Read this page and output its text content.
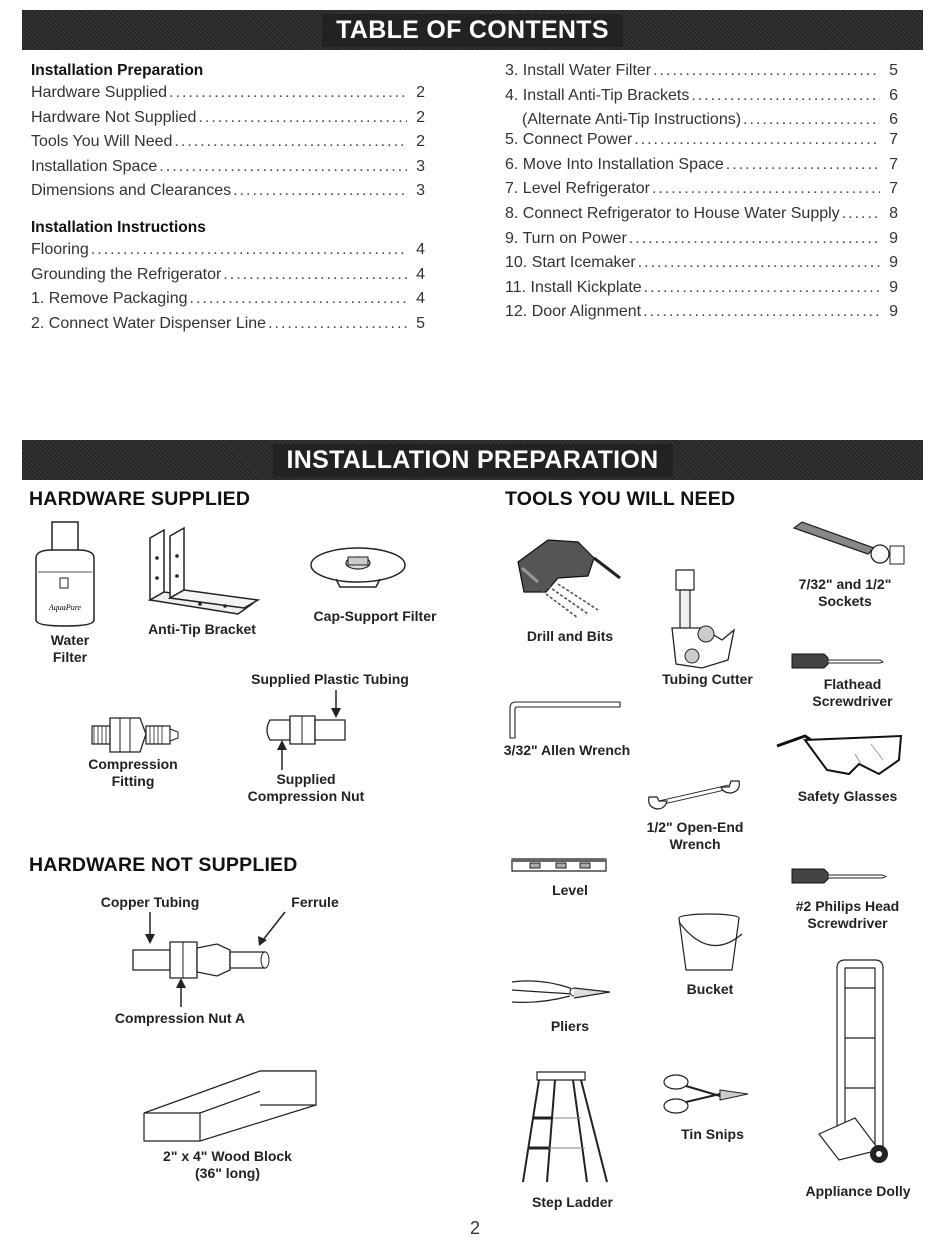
TABLE OF CONTENTS
Installation Preparation
Hardware Supplied .....	2
Hardware Not Supplied .....	2
Tools You Will Need .....	2
Installation Space .....	3
Dimensions and Clearances .....	3
Installation Instructions
Flooring .....	4
Grounding the Refrigerator .....	4
1. Remove Packaging .....	4
2. Connect Water Dispenser Line .....	5
3. Install Water Filter .....	5
4. Install Anti-Tip Brackets .....	6
(Alternate Anti-Tip Instructions) .....	6
5. Connect Power .....	7
6. Move Into Installation Space .....	7
7. Level Refrigerator .....	7
8. Connect Refrigerator to House Water Supply .....	8
9. Turn on Power .....	9
10. Start Icemaker .....	9
11. Install Kickplate .....	9
12. Door Alignment .....	9
INSTALLATION PREPARATION
HARDWARE SUPPLIED	TOOLS YOU WILL NEED
HARDWARE NOT SUPPLIED
AquaPure
Water
Filter
Anti-Tip Bracket
Cap-Support Filter
Supplied Plastic Tubing
Compression
Fitting	Supplied
Compression Nut
Copper Tubing	Ferrule
Compression Nut A
2" x 4" Wood Block
(36" long)
Drill and Bits
Tubing Cutter
7/32" and 1/2"
Sockets
Flathead
Screwdriver
3/32" Allen Wrench
Safety Glasses
1/2" Open-End
Wrench
Level
#2 Philips Head
Screwdriver
Bucket
Pliers
Appliance Dolly
Tin Snips
Step Ladder
2
